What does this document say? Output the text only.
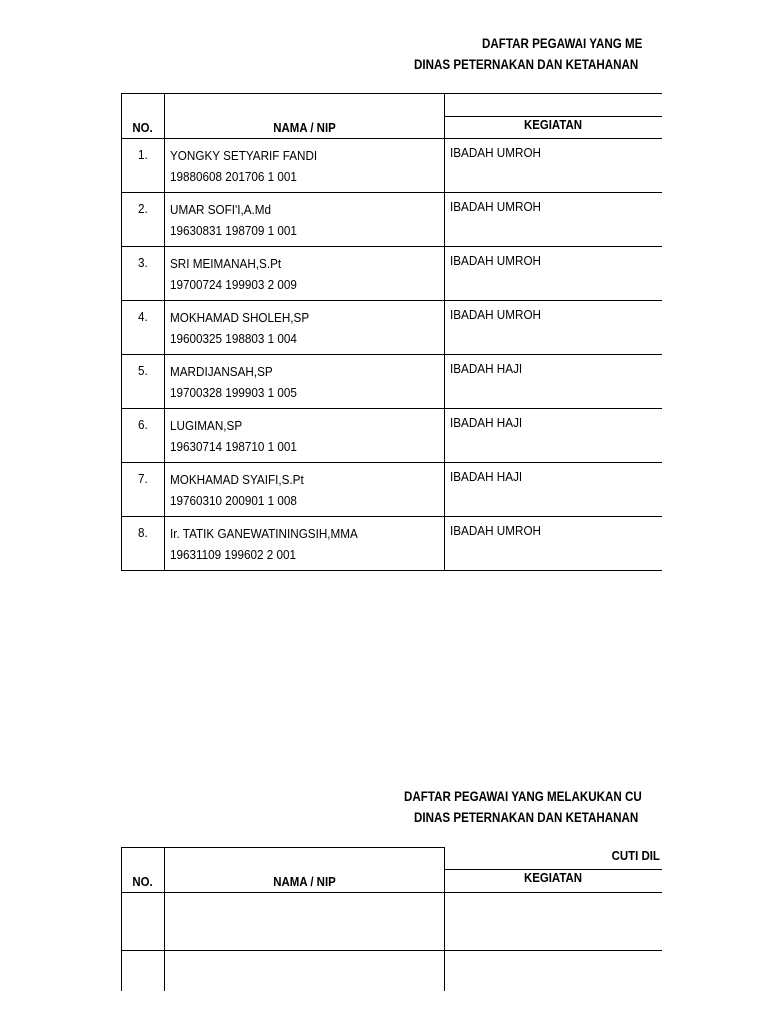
DAFTAR PEGAWAI YANG ME
DINAS PETERNAKAN DAN KETAHANAN
NO.	NAMA / NIP	
		KEGIATAN
1.	YONGKY SETYARIF FANDI
19880608 201706 1 001	IBADAH UMROH
2.	UMAR SOFI'I,A.Md
19630831 198709 1 001	IBADAH UMROH
3.	SRI MEIMANAH,S.Pt
19700724 199903 2 009	IBADAH UMROH
4.	MOKHAMAD SHOLEH,SP
19600325 198803 1 004	IBADAH UMROH
5.	MARDIJANSAH,SP
19700328 199903 1 005	IBADAH HAJI
6.	LUGIMAN,SP
19630714 198710 1 001	IBADAH HAJI
7.	MOKHAMAD SYAIFI,S.Pt
19760310 200901 1 008	IBADAH HAJI
8.	Ir. TATIK GANEWATININGSIH,MMA
19631109 199602 2 001	IBADAH UMROH
DAFTAR PEGAWAI YANG MELAKUKAN CU
DINAS PETERNAKAN DAN KETAHANAN
NO.	NAMA / NIP	CUTI DIL
		KEGIATAN
